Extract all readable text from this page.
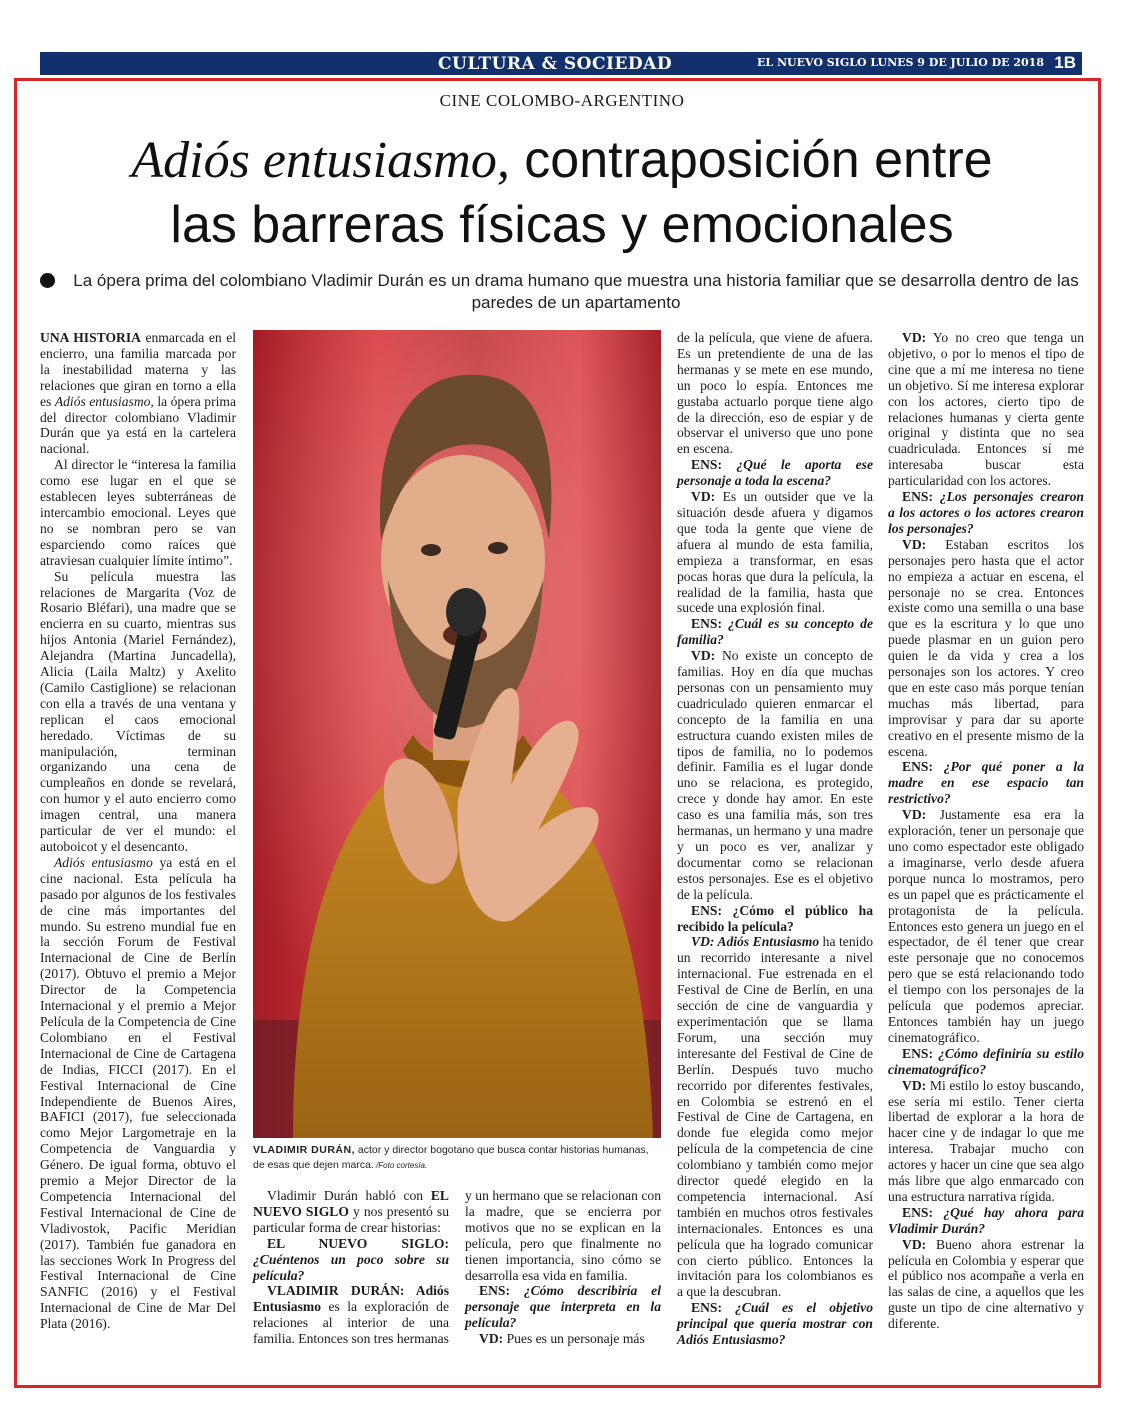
CULTURA & SOCIEDAD	EL NUEVO SIGLO LUNES 9 DE JULIO DE 2018 1B
CINE COLOMBO-ARGENTINO
Adiós entusiasmo, contraposición entre
las barreras físicas y emocionales
La ópera prima del colombiano Vladimir Durán es un drama humano que muestra una historia familiar que se desarrolla dentro de las paredes de un apartamento

UNA HISTORIA enmarcada en el encierro, una familia marcada por la inestabilidad materna y las relaciones que giran en torno a ella es Adiós entusiasmo, la ópera prima del director colombiano Vladimir Durán que ya está en la cartelera nacional.

Al director le “interesa la familia como ese lugar en el que se establecen leyes subterráneas de intercambio emocional. Leyes que no se nombran pero se van esparciendo como raíces que atraviesan cualquier límite íntimo”.

Su película muestra las relaciones de Margarita (Voz de Rosario Bléfari), una madre que se encierra en su cuarto, mientras sus hijos Antonia (Mariel Fernández), Alejandra (Martina Juncadella), Alicia (Laila Maltz) y Axelito (Camilo Castiglione) se relacionan con ella a través de una ventana y replican el caos emocional heredado. Víctimas de su manipulación, terminan organizando una cena de cumpleaños en donde se revelará, con humor y el auto encierro como imagen central, una manera particular de ver el mundo: el autoboicot y el desencanto.

Adiós entusiasmo ya está en el cine nacional. Esta película ha pasado por algunos de los festivales de cine más importantes del mundo. Su estreno mundial fue en la sección Forum de Festival Internacional de Cine de Berlín (2017). Obtuvo el premio a Mejor Director de la Competencia Internacional y el premio a Mejor Película de la Competencia de Cine Colombiano en el Festival Internacional de Cine de Cartagena de Indias, FICCI (2017). En el Festival Internacional de Cine Independiente de Buenos Aires, BAFICI (2017), fue seleccionada como Mejor Largometraje en la Competencia de Vanguardia y Género. De igual forma, obtuvo el premio a Mejor Director de la Competencia Internacional del Festival Internacional de Cine de Vladivostok, Pacific Meridian (2017). También fue ganadora en las secciones Work In Progress del Festival Internacional de Cine SANFIC (2016) y el Festival Internacional de Cine de Mar Del Plata (2016).

VLADIMIR DURÁN, actor y director bogotano que busca contar historias humanas, de esas que dejen marca. /Foto cortesía.

Vladimir Durán habló con EL NUEVO SIGLO y nos presentó su particular forma de crear historias:

EL NUEVO SIGLO: ¿Cuéntenos un poco sobre su película?

VLADIMIR DURÁN: Adiós Entusiasmo es la exploración de relaciones al interior de una familia. Entonces son tres hermanas

y un hermano que se relacionan con la madre, que se encierra por motivos que no se explican en la película, pero que finalmente no tienen importancia, sino cómo se desarrolla esa vida en familia.

ENS: ¿Cómo describiría el personaje que interpreta en la película?

VD: Pues es un personaje más

de la película, que viene de afuera. Es un pretendiente de una de las hermanas y se mete en ese mundo, un poco lo espía. Entonces me gustaba actuarlo porque tiene algo de la dirección, eso de espiar y de observar el universo que uno pone en escena.

ENS: ¿Qué le aporta ese personaje a toda la escena?

VD: Es un outsider que ve la situación desde afuera y digamos que toda la gente que viene de afuera al mundo de esta familia, empieza a transformar, en esas pocas horas que dura la película, la realidad de la familia, hasta que sucede una explosión final.

ENS: ¿Cuál es su concepto de familia?

VD: No existe un concepto de familias. Hoy en día que muchas personas con un pensamiento muy cuadriculado quieren enmarcar el concepto de la familia en una estructura cuando existen miles de tipos de familia, no lo podemos definir. Familia es el lugar donde uno se relaciona, es protegido, crece y donde hay amor. En este caso es una familia más, son tres hermanas, un hermano y una madre y un poco es ver, analizar y documentar como se relacionan estos personajes. Ese es el objetivo de la película.

ENS: ¿Cómo el público ha recibido la película?

VD: Adiós Entusiasmo ha tenido un recorrido interesante a nivel internacional. Fue estrenada en el Festival de Cine de Berlín, en una sección de cine de vanguardia y experimentación que se llama Forum, una sección muy interesante del Festival de Cine de Berlín. Después tuvo mucho recorrido por diferentes festivales, en Colombia se estrenó en el Festival de Cine de Cartagena, en donde fue elegida como mejor película de la competencia de cine colombiano y también como mejor director quedé elegido en la competencia internacional. Así también en muchos otros festivales internacionales. Entonces es una película que ha logrado comunicar con cierto público. Entonces la invitación para los colombianos es a que la descubran.

ENS: ¿Cuál es el objetivo principal que quería mostrar con Adiós Entusiasmo?

VD: Yo no creo que tenga un objetivo, o por lo menos el tipo de cine que a mí me interesa no tiene un objetivo. Sí me interesa explorar con los actores, cierto tipo de relaciones humanas y cierta gente original y distinta que no sea cuadriculada. Entonces sí me interesaba buscar esta particularidad con los actores.

ENS: ¿Los personajes crearon a los actores o los actores crearon los personajes?

VD: Estaban escritos los personajes pero hasta que el actor no empieza a actuar en escena, el personaje no se crea. Entonces existe como una semilla o una base que es la escritura y lo que uno puede plasmar en un guion pero quien le da vida y crea a los personajes son los actores. Y creo que en este caso más porque tenían muchas más libertad, para improvisar y para dar su aporte creativo en el presente mismo de la escena.

ENS: ¿Por qué poner a la madre en ese espacio tan restrictivo?

VD: Justamente esa era la exploración, tener un personaje que uno como espectador este obligado a imaginarse, verlo desde afuera porque nunca lo mostramos, pero es un papel que es prácticamente el protagonista de la película. Entonces esto genera un juego en el espectador, de él tener que crear este personaje que no conocemos pero que se está relacionando todo el tiempo con los personajes de la película que podemos apreciar. Entonces también hay un juego cinematográfico.

ENS: ¿Cómo definiría su estilo cinematográfico?

VD: Mi estilo lo estoy buscando, ese sería mi estilo. Tener cierta libertad de explorar a la hora de hacer cine y de indagar lo que me interesa. Trabajar mucho con actores y hacer un cine que sea algo más libre que algo enmarcado con una estructura narrativa rígida.

ENS: ¿Qué hay ahora para Vladimir Durán?

VD: Bueno ahora estrenar la película en Colombia y esperar que el público nos acompañe a verla en las salas de cine, a aquellos que les guste un tipo de cine alternativo y diferente.
